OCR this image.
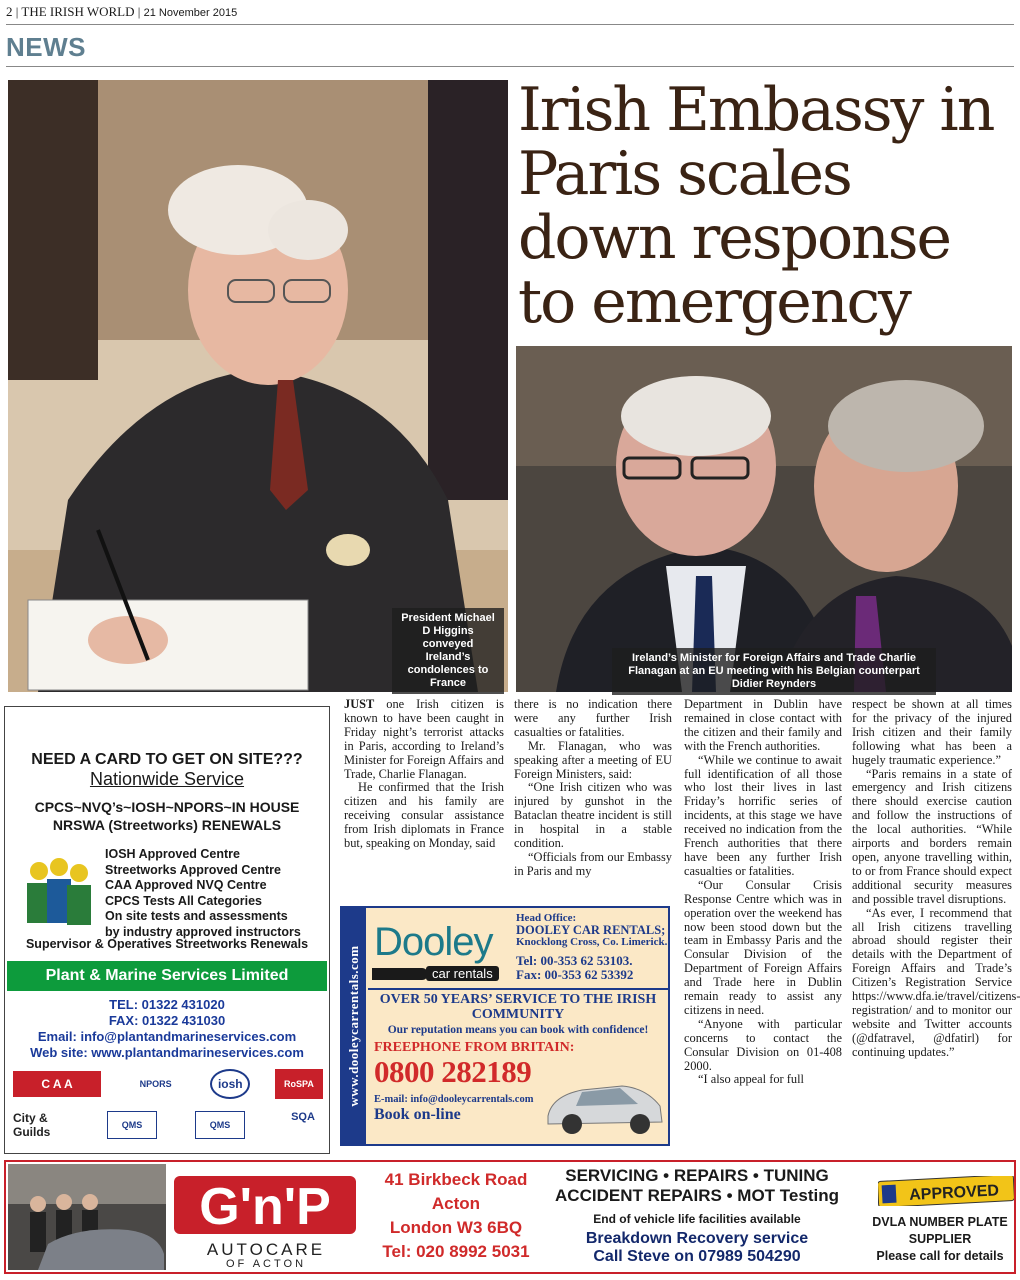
2 | THE IRISH WORLD | 21 November 2015
NEWS
President Michael D Higgins conveyed Ireland’s condolences to France
Irish Embassy in Paris scales down response to emergency
Ireland’s Minister for Foreign Affairs and Trade Charlie Flanagan at an EU meeting with his Belgian counterpart Didier Reynders
NEED A CARD TO GET ON SITE???
Nationwide Service
CPCS~NVQ’s~IOSH~NPORS~IN HOUSE
NRSWA (Streetworks) RENEWALS
IOSH Approved Centre
Streetworks Approved Centre
CAA Approved NVQ Centre
CPCS Tests All Categories
On site tests and assessments
by industry approved instructors
Supervisor & Operatives Streetworks Renewals
Plant & Marine Services Limited
TEL: 01322 431020
FAX: 01322 431030
Email: info@plantandmarineservices.com
Web site: www.plantandmarineservices.com
C A A	NPORS	iosh	RoSPA
City & Guilds	QMS	QMS
SQA

JUST one Irish citizen is known to have been caught in Friday night’s terrorist attacks in Paris, according to Ireland’s Minister for Foreign Affairs and Trade, Charlie Flanagan.

He confirmed that the Irish citizen and his family are receiving consular assistance from Irish diplomats in France but, speaking on Monday, said

there is no indication there were any further Irish casualties or fatalities.

Mr. Flanagan, who was speaking after a meeting of EU Foreign Ministers, said:

“One Irish citizen who was injured by gunshot in the Bataclan theatre incident is still in hospital in a stable condition.

“Officials from our Embassy in Paris and my

Department in Dublin have remained in close contact with the citizen and their family and with the French authorities.

“While we continue to await full identification of all those who lost their lives in last Friday’s horrific series of incidents, at this stage we have received no indication from the French authorities that there have been any further Irish casualties or fatalities.

“Our Consular Crisis Response Centre which was in operation over the weekend has now been stood down but the team in Embassy Paris and the Consular Division of the Department of Foreign Affairs and Trade here in Dublin remain ready to assist any citizens in need.

“Anyone with particular concerns to contact the Consular Division on 01-408 2000.

“I also appeal for full

respect be shown at all times for the privacy of the injured Irish citizen and their family following what has been a hugely traumatic experience.”

“Paris remains in a state of emergency and Irish citizens there should exercise caution and follow the instructions of the local authorities. “While airports and borders remain open, anyone travelling within, to or from France should expect additional security measures and possible travel disruptions.

“As ever, I recommend that all Irish citizens travelling abroad should register their details with the Department of Foreign Affairs and Trade’s Citizen’s Registration Service https://www.dfa.ie/travel/citizens-registration/ and to monitor our website and Twitter accounts (@dfatravel, @dfatirl) for continuing updates.”

www.dooleycarrentals.com
Dooley
car rentals
Head Office:
DOOLEY CAR RENTALS;
Knocklong Cross, Co. Limerick.
Tel: 00-353 62 53103.
Fax: 00-353 62 53392
OVER 50 YEARS’ SERVICE TO THE IRISH COMMUNITY
Our reputation means you can book with confidence!
FREEPHONE FROM BRITAIN:
0800 282189
E-mail: info@dooleycarrentals.com
Book on-line
G'n'P
AUTOCARE
OF ACTON
41 Birkbeck Road
Acton
London W3 6BQ
Tel: 020 8992 5031
SERVICING • REPAIRS • TUNING
ACCIDENT REPAIRS • MOT Testing
End of vehicle life facilities available
Breakdown Recovery service
Call Steve on 07989 504290
APPROVED
DVLA NUMBER PLATE
SUPPLIER
Please call for details
